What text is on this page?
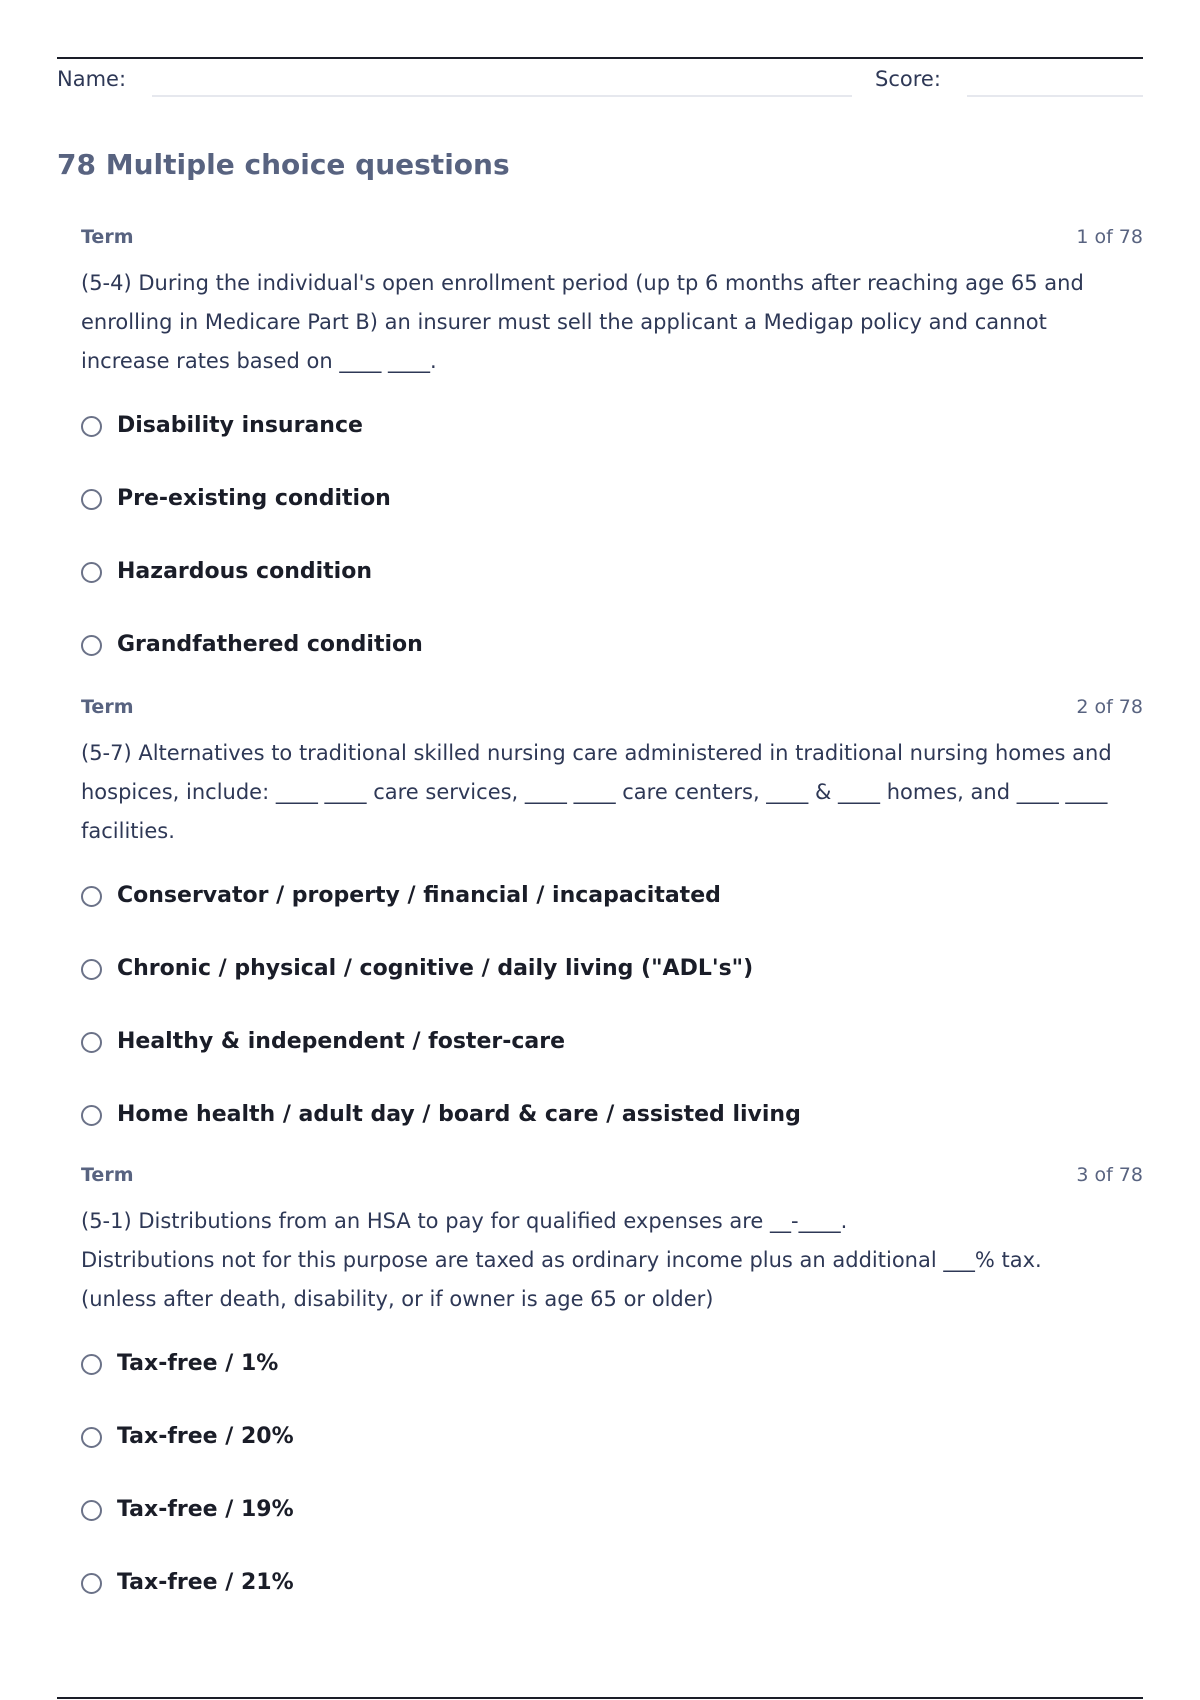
Name:	Score:
78 Multiple choice questions
Term	1 of 78

(5-4) During the individual's open enrollment period (up tp 6 months after reaching age 65 and enrolling in Medicare Part B) an insurer must sell the applicant a Medigap policy and cannot increase rates based on ____ ____.

Disability insurance
Pre-existing condition
Hazardous condition
Grandfathered condition
Term	2 of 78

(5-7) Alternatives to traditional skilled nursing care administered in traditional nursing homes and hospices, include: ____ ____ care services, ____ ____ care centers, ____ & ____ homes, and ____ ____ facilities.

Conservator / property / financial / incapacitated
Chronic / physical / cognitive / daily living ("ADL's")
Healthy & independent / foster-care
Home health / adult day / board & care / assisted living
Term	3 of 78

(5-1) Distributions from an HSA to pay for qualified expenses are __-____.
Distributions not for this purpose are taxed as ordinary income plus an additional ___% tax.
(unless after death, disability, or if owner is age 65 or older)

Tax-free / 1%
Tax-free / 20%
Tax-free / 19%
Tax-free / 21%
